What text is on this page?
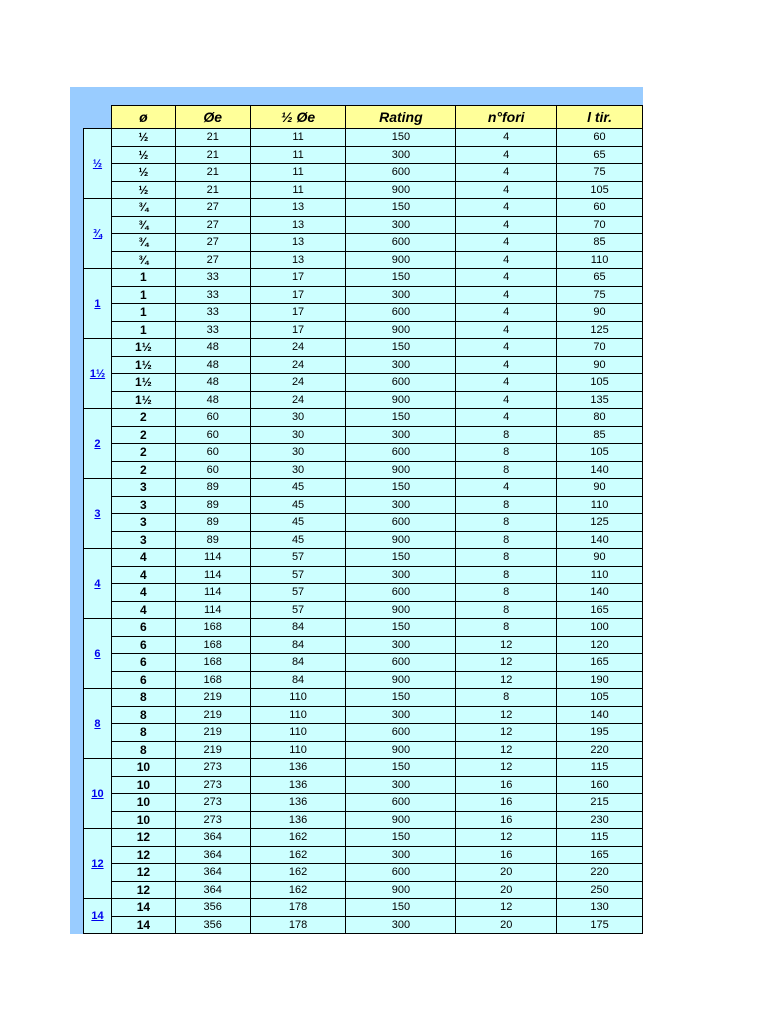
	ø	Øe	½ Øe	Rating	n°fori	l tir.
½	½	21	11	150	4	60
	½	21	11	300	4	65
	½	21	11	600	4	75
	½	21	11	900	4	105
¾	¾	27	13	150	4	60
	¾	27	13	300	4	70
	¾	27	13	600	4	85
	¾	27	13	900	4	110
1	1	33	17	150	4	65
	1	33	17	300	4	75
	1	33	17	600	4	90
	1	33	17	900	4	125
1½	1½	48	24	150	4	70
	1½	48	24	300	4	90
	1½	48	24	600	4	105
	1½	48	24	900	4	135
2	2	60	30	150	4	80
	2	60	30	300	8	85
	2	60	30	600	8	105
	2	60	30	900	8	140
3	3	89	45	150	4	90
	3	89	45	300	8	110
	3	89	45	600	8	125
	3	89	45	900	8	140
4	4	114	57	150	8	90
	4	114	57	300	8	110
	4	114	57	600	8	140
	4	114	57	900	8	165
6	6	168	84	150	8	100
	6	168	84	300	12	120
	6	168	84	600	12	165
	6	168	84	900	12	190
8	8	219	110	150	8	105
	8	219	110	300	12	140
	8	219	110	600	12	195
	8	219	110	900	12	220
10	10	273	136	150	12	115
	10	273	136	300	16	160
	10	273	136	600	16	215
	10	273	136	900	16	230
12	12	364	162	150	12	115
	12	364	162	300	16	165
	12	364	162	600	20	220
	12	364	162	900	20	250
14	14	356	178	150	12	130
	14	356	178	300	20	175
